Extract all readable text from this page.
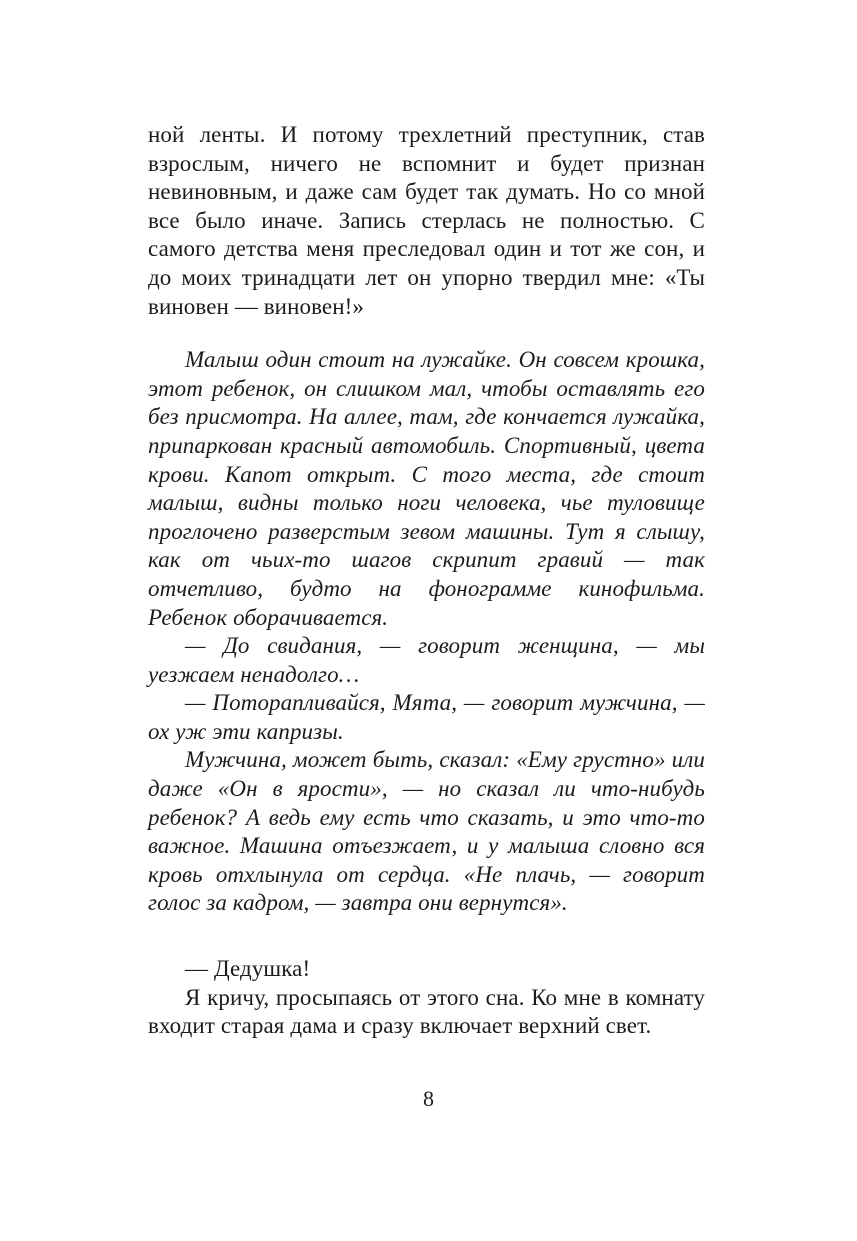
ной ленты. И потому трехлетний преступник, став взрослым, ничего не вспомнит и будет признан невиновным, и даже сам будет так думать. Но со мной все было иначе. Запись стерлась не полностью. С самого детства меня преследовал один и тот же сон, и до моих тринадцати лет он упорно твердил мне: «Ты виновен — виновен!»

Малыш один стоит на лужайке. Он совсем крошка, этот ребенок, он слишком мал, чтобы оставлять его без присмотра. На аллее, там, где кончается лужайка, припаркован красный автомобиль. Спортивный, цвета крови. Капот открыт. С того места, где стоит малыш, видны только ноги человека, чье туловище проглочено разверстым зевом машины. Тут я слышу, как от чьих-то шагов скрипит гравий — так отчетливо, будто на фонограмме кинофильма. Ребенок оборачивается.

— До свидания, — говорит женщина, — мы уезжаем ненадолго…

— Поторапливайся, Мята, — говорит мужчина, — ох уж эти капризы.

Мужчина, может быть, сказал: «Ему грустно» или даже «Он в ярости», — но сказал ли что-нибудь ребенок? А ведь ему есть что сказать, и это что-то важное. Машина отъезжает, и у малыша словно вся кровь отхлынула от сердца. «Не плачь, — говорит голос за кадром, — завтра они вернутся».

— Дедушка!

Я кричу, просыпаясь от этого сна. Ко мне в комнату входит старая дама и сразу включает верхний свет.

8
